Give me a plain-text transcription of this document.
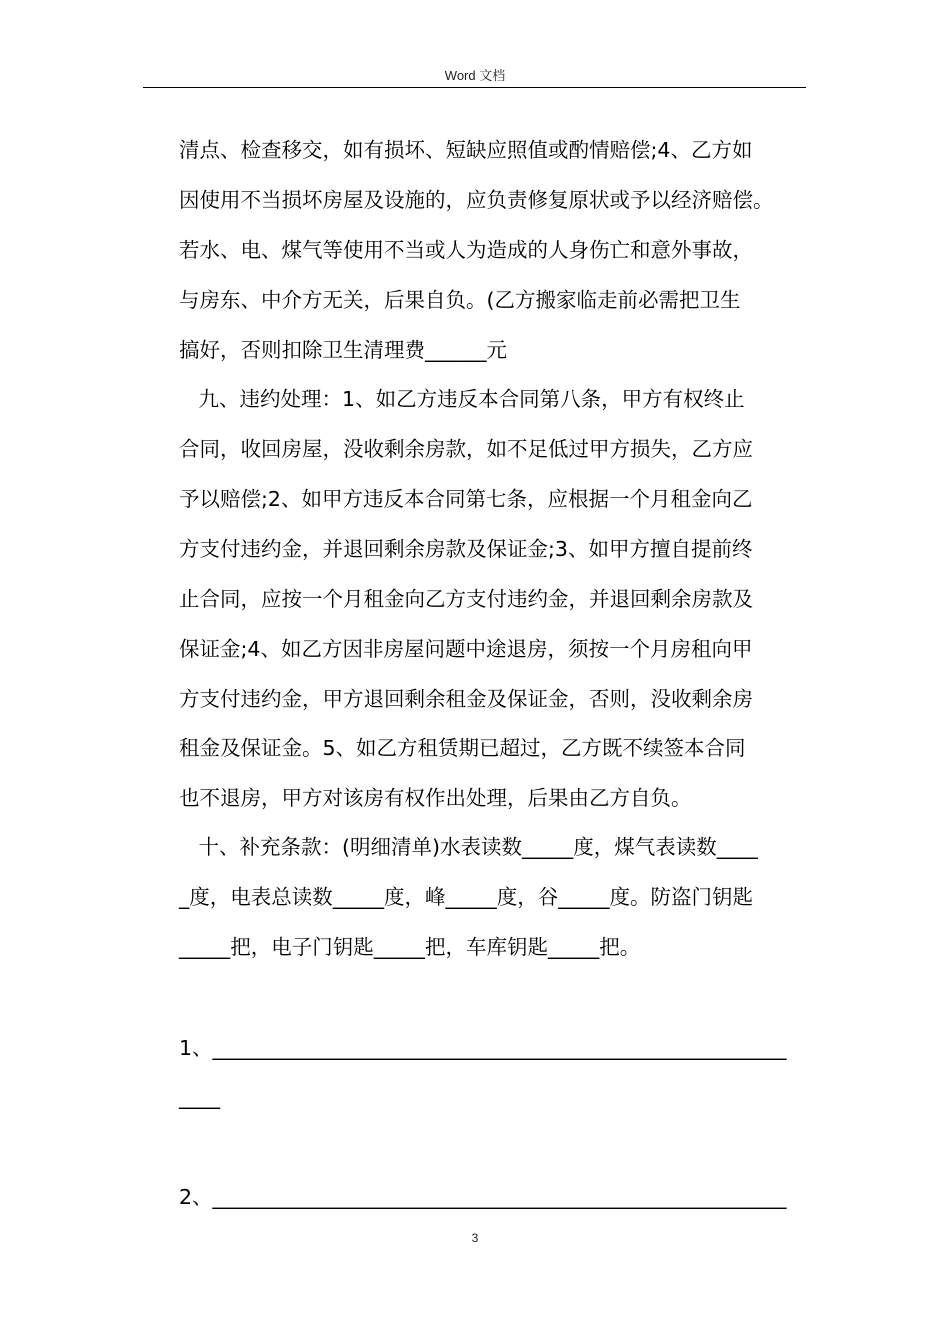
Word 文档
清点、检查移交，如有损坏、短缺应照值或酌情赔偿;4、乙方如
因使用不当损坏房屋及设施的，应负责修复原状或予以经济赔偿。
若水、电、煤气等使用不当或人为造成的人身伤亡和意外事故，
与房东、中介方无关，后果自负。(乙方搬家临走前必需把卫生
搞好，否则扣除卫生清理费______元
九、违约处理：1、如乙方违反本合同第八条，甲方有权终止
合同，收回房屋，没收剩余房款，如不足低过甲方损失，乙方应
予以赔偿;2、如甲方违反本合同第七条，应根据一个月租金向乙
方支付违约金，并退回剩余房款及保证金;3、如甲方擅自提前终
止合同，应按一个月租金向乙方支付违约金，并退回剩余房款及
保证金;4、如乙方因非房屋问题中途退房，须按一个月房租向甲
方支付违约金，甲方退回剩余租金及保证金，否则，没收剩余房
租金及保证金。5、如乙方租赁期已超过，乙方既不续签本合同
也不退房，甲方对该房有权作出处理，后果由乙方自负。
十、补充条款：(明细清单)水表读数_____度，煤气表读数____
_度，电表总读数_____度，峰_____度，谷_____度。防盗门钥匙
_____把，电子门钥匙_____把，车库钥匙_____把。
1、________________________________________________________
____
2、________________________________________________________
3
